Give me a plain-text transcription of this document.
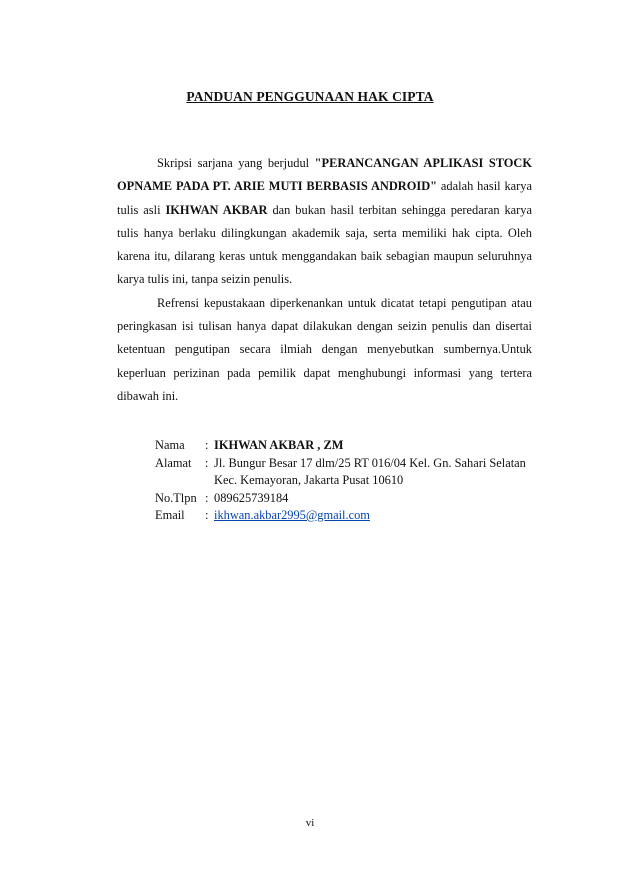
PANDUAN PENGGUNAAN HAK CIPTA

Skripsi sarjana yang berjudul "PERANCANGAN APLIKASI STOCK OPNAME PADA PT. ARIE MUTI BERBASIS ANDROID" adalah hasil karya tulis asli IKHWAN AKBAR dan bukan hasil terbitan sehingga peredaran karya tulis hanya berlaku dilingkungan akademik saja, serta memiliki hak cipta. Oleh karena itu, dilarang keras untuk menggandakan baik sebagian maupun seluruhnya karya tulis ini, tanpa seizin penulis.

Refrensi kepustakaan diperkenankan untuk dicatat tetapi pengutipan atau peringkasan isi tulisan hanya dapat dilakukan dengan seizin penulis dan disertai ketentuan pengutipan secara ilmiah dengan menyebutkan sumbernya.Untuk keperluan perizinan pada pemilik dapat menghubungi informasi yang tertera dibawah ini.

Nama	: IKHWAN AKBAR , ZM
Alamat	: Jl. Bungur Besar 17 dlm/25 RT 016/04 Kel. Gn. Sahari Selatan
Kec. Kemayoran, Jakarta Pusat 10610
No.Tlpn : 089625739184
Email	: ikhwan.akbar2995@gmail.com
vi
